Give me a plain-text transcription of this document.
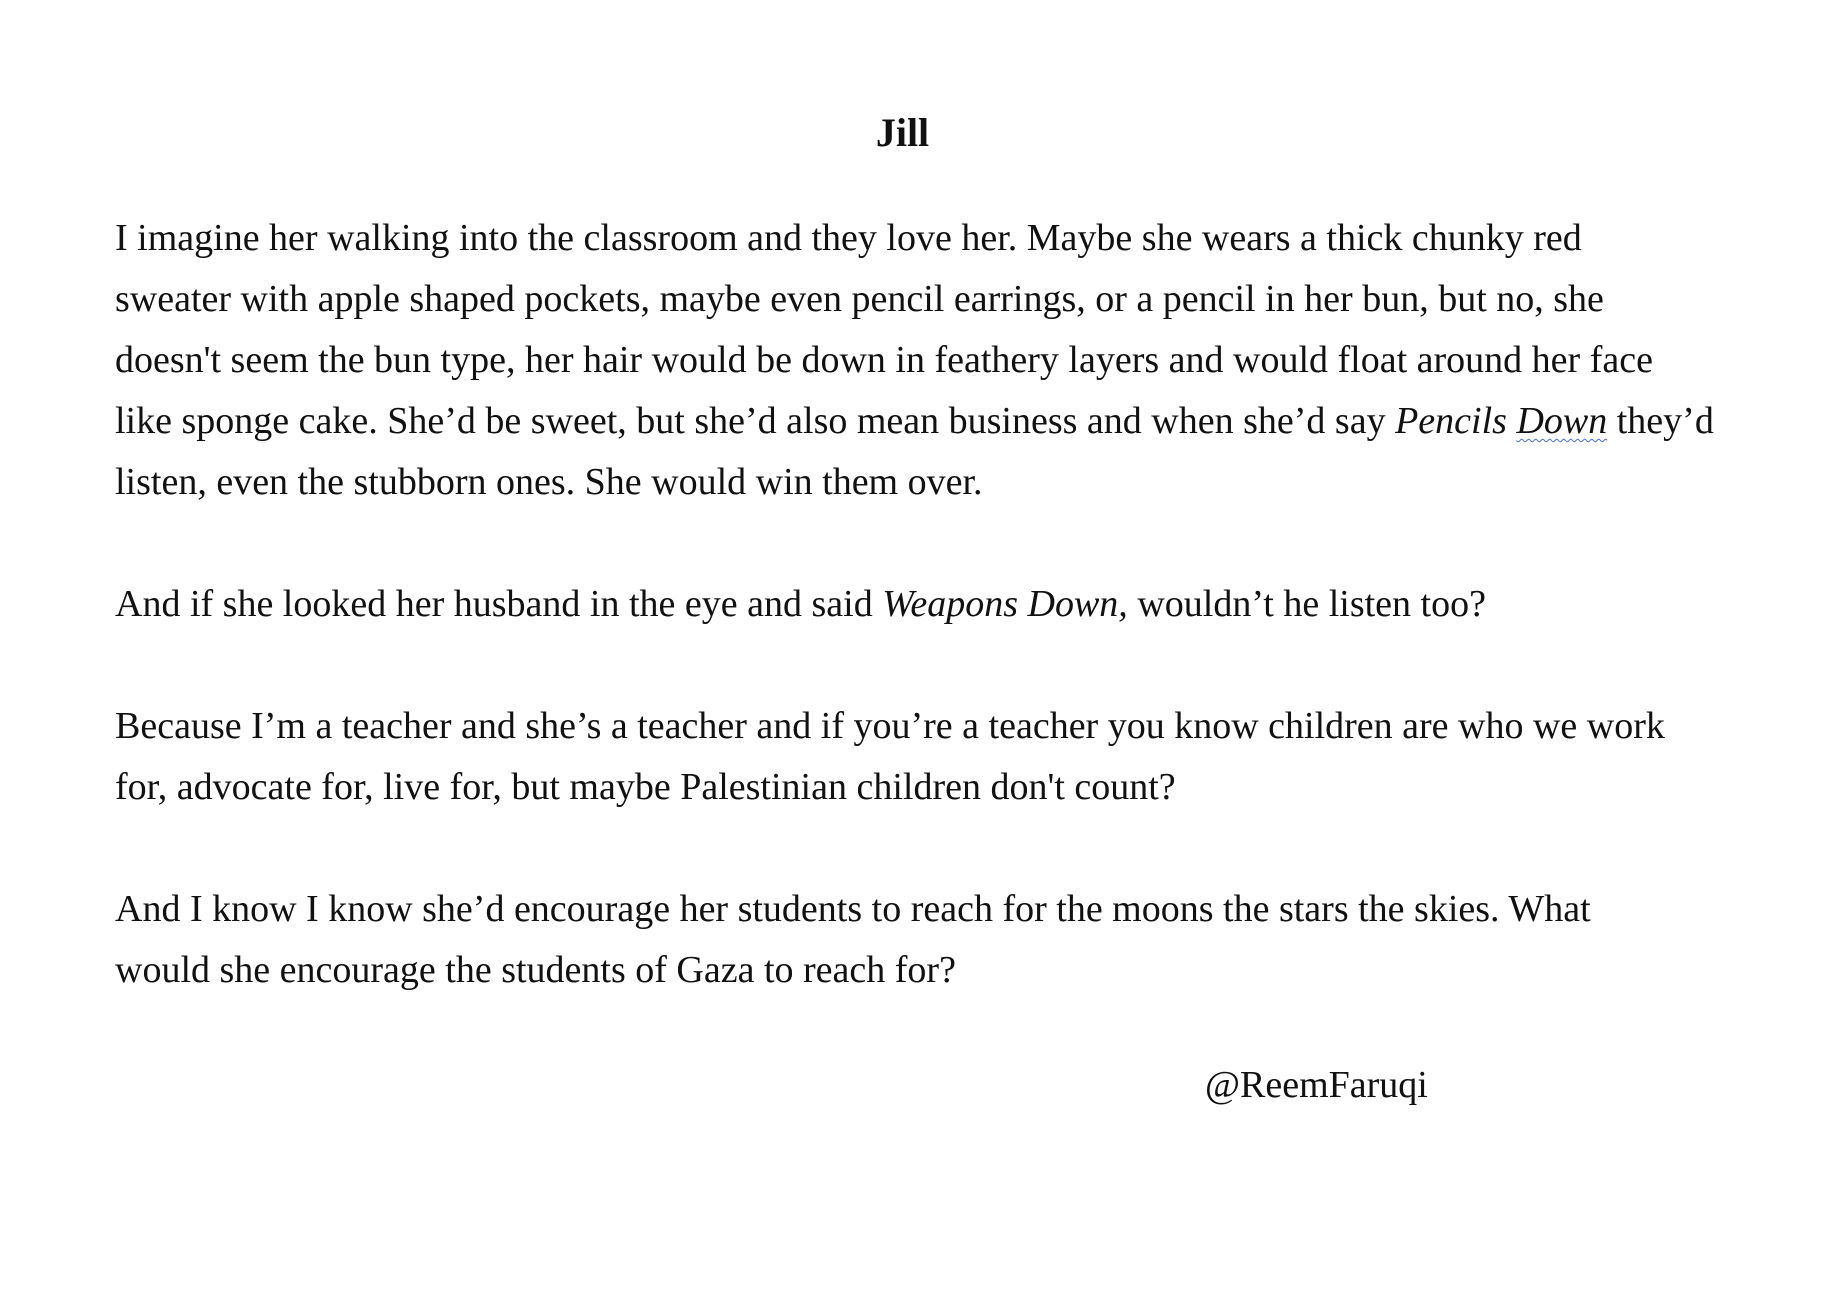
Jill

I imagine her walking into the classroom and they love her. Maybe she wears a thick chunky red
sweater with apple shaped pockets, maybe even pencil earrings, or a pencil in her bun, but no, she
doesn't seem the bun type, her hair would be down in feathery layers and would float around her face
like sponge cake. She’d be sweet, but she’d also mean business and when she’d say Pencils Down they’d
listen, even the stubborn ones. She would win them over.

And if she looked her husband in the eye and said Weapons Down, wouldn’t he listen too?

Because I’m a teacher and she’s a teacher and if you’re a teacher you know children are who we work
for, advocate for, live for, but maybe Palestinian children don't count?

And I know I know she’d encourage her students to reach for the moons the stars the skies. What
would she encourage the students of Gaza to reach for?

@ReemFaruqi
